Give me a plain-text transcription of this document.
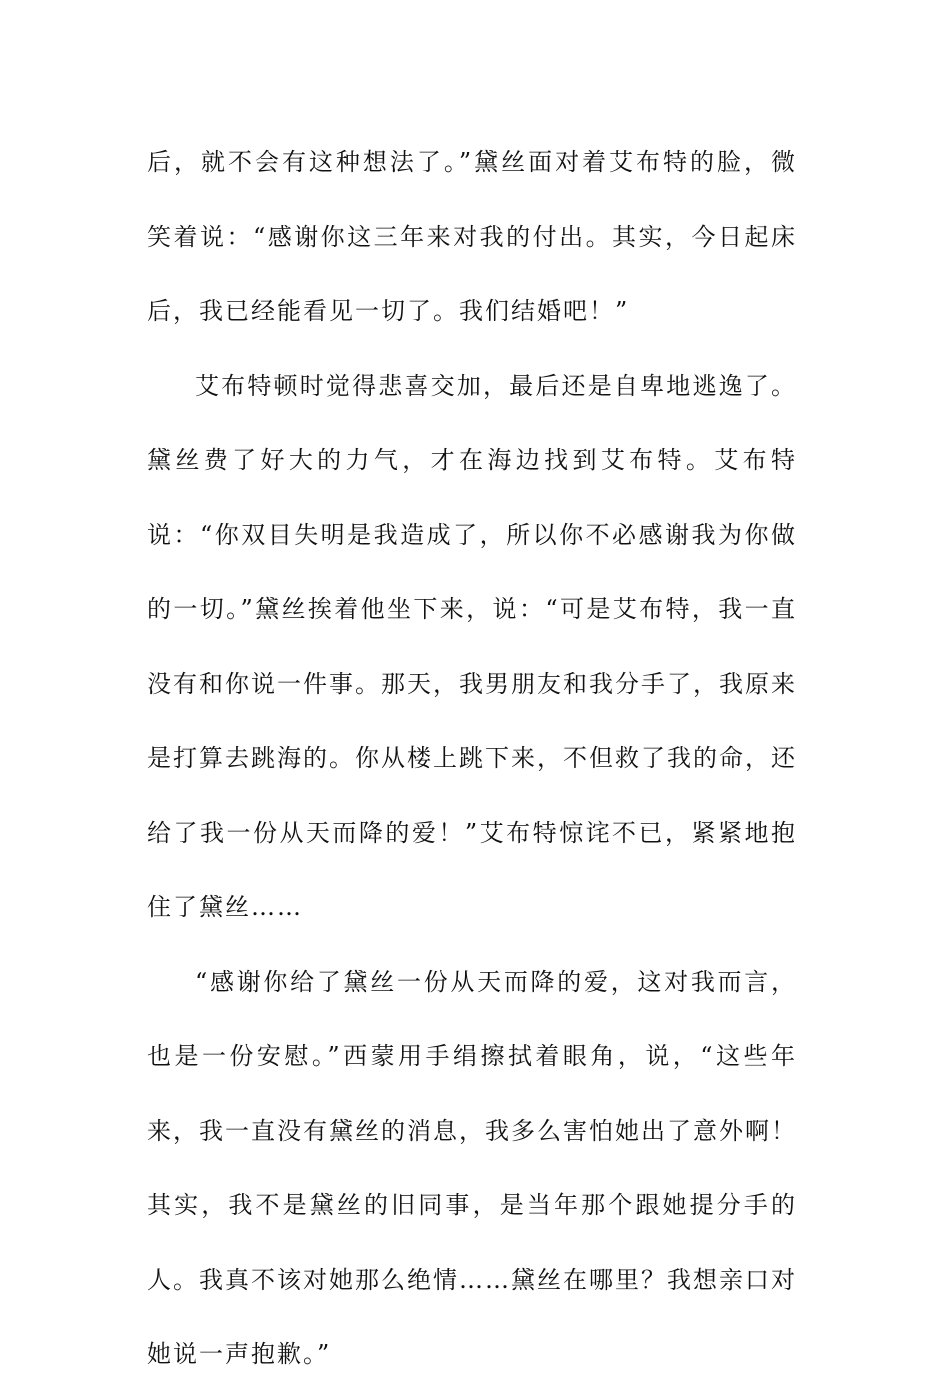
后，就不会有这种想法了。”黛丝面对着艾布特的脸，微笑着说：“感谢你这三年来对我的付出。其实，今日起床后，我已经能看见一切了。我们结婚吧！”

艾布特顿时觉得悲喜交加，最后还是自卑地逃逸了。黛丝费了好大的力气，才在海边找到艾布特。艾布特说：“你双目失明是我造成了，所以你不必感谢我为你做的一切。”黛丝挨着他坐下来，说：“可是艾布特，我一直没有和你说一件事。那天，我男朋友和我分手了，我原来是打算去跳海的。你从楼上跳下来，不但救了我的命，还给了我一份从天而降的爱！”艾布特惊诧不已，紧紧地抱住了黛丝……

“感谢你给了黛丝一份从天而降的爱，这对我而言，也是一份安慰。”西蒙用手绢擦拭着眼角，说，“这些年来，我一直没有黛丝的消息，我多么害怕她出了意外啊！其实，我不是黛丝的旧同事，是当年那个跟她提分手的人。我真不该对她那么绝情……黛丝在哪里？我想亲口对她说一声抱歉。”
